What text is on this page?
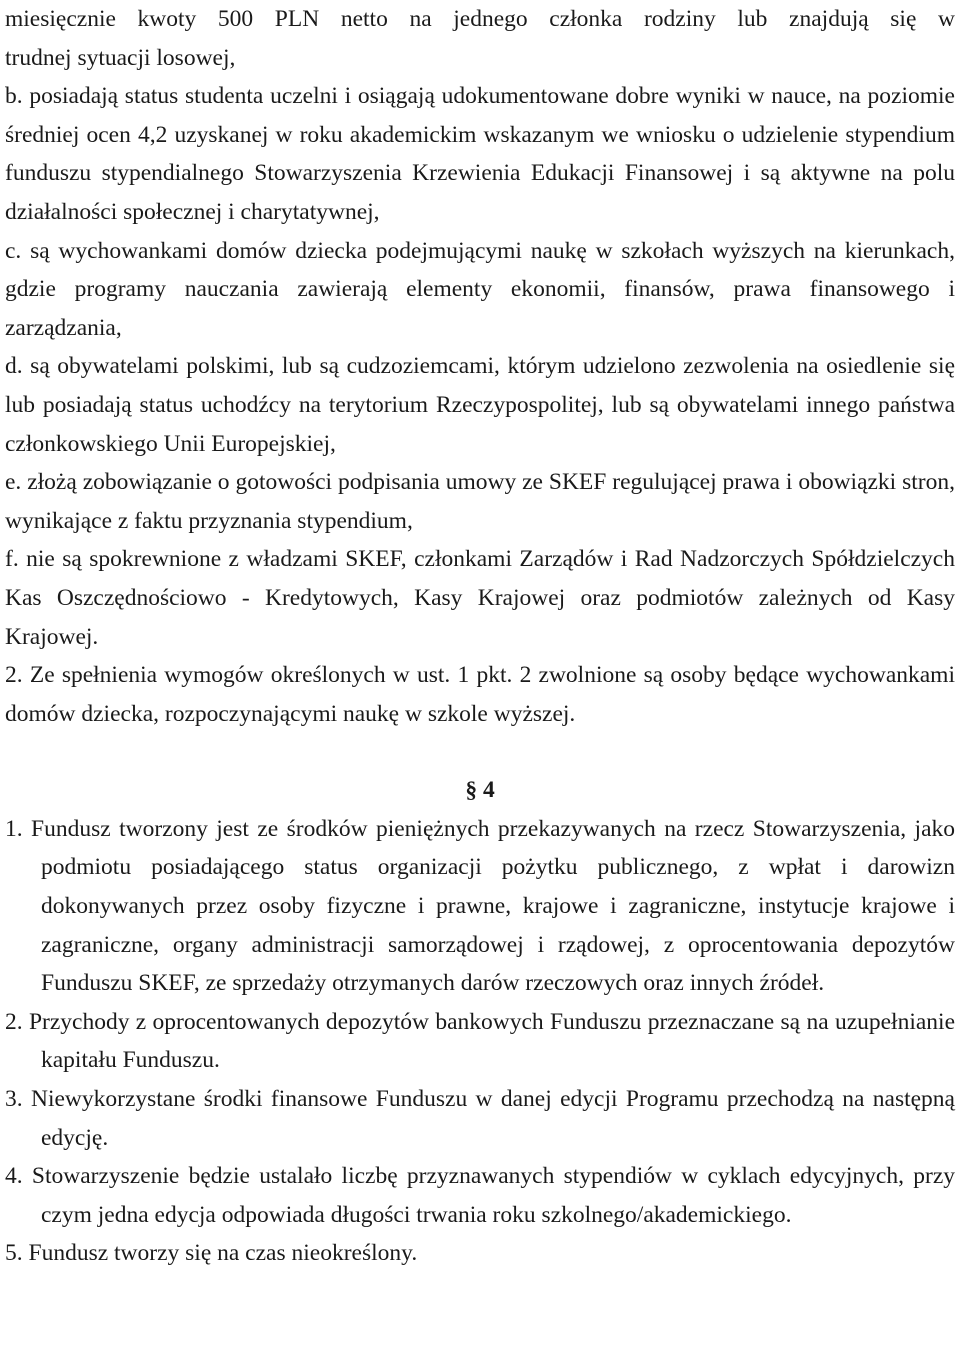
miesięcznie kwoty 500 PLN netto na jednego członka rodziny lub znajdują się w

trudnej sytuacji losowej,

b. posiadają status studenta uczelni i osiągają udokumentowane dobre wyniki w nauce, na poziomie średniej ocen 4,2 uzyskanej w roku akademickim wskazanym we wniosku o udzielenie stypendium funduszu stypendialnego Stowarzyszenia Krzewienia Edukacji Finansowej i są aktywne na polu działalności społecznej i charytatywnej,

c. są wychowankami domów dziecka podejmującymi naukę w szkołach wyższych na kierunkach, gdzie programy nauczania zawierają elementy ekonomii, finansów, prawa finansowego i zarządzania,

d. są obywatelami polskimi, lub są cudzoziemcami, którym udzielono zezwolenia na osiedlenie się lub posiadają status uchodźcy na terytorium Rzeczypospolitej, lub są obywatelami innego państwa członkowskiego Unii Europejskiej,

e. złożą zobowiązanie o gotowości podpisania umowy ze SKEF regulującej prawa i obowiązki stron, wynikające z faktu przyznania stypendium,

f. nie są spokrewnione z władzami SKEF, członkami Zarządów i Rad Nadzorczych Spółdzielczych Kas Oszczędnościowo - Kredytowych, Kasy Krajowej oraz podmiotów zależnych od Kasy Krajowej.

2. Ze spełnienia wymogów określonych w ust. 1 pkt. 2 zwolnione są osoby będące wychowankami domów dziecka, rozpoczynającymi naukę w szkole wyższej.

§ 4

1. Fundusz tworzony jest ze środków pieniężnych przekazywanych na rzecz Stowarzyszenia, jako podmiotu posiadającego status organizacji pożytku publicznego, z wpłat i darowizn dokonywanych przez osoby fizyczne i prawne, krajowe i zagraniczne, instytucje krajowe i zagraniczne, organy administracji samorządowej i rządowej, z oprocentowania depozytów Funduszu SKEF, ze sprzedaży otrzymanych darów rzeczowych oraz innych źródeł.

2. Przychody z oprocentowanych depozytów bankowych Funduszu przeznaczane są na uzupełnianie kapitału Funduszu.

3. Niewykorzystane środki finansowe Funduszu w danej edycji Programu przechodzą na następną edycję.

4. Stowarzyszenie będzie ustalało liczbę przyznawanych stypendiów w cyklach edycyjnych, przy czym jedna edycja odpowiada długości trwania roku szkolnego/akademickiego.

5. Fundusz tworzy się na czas nieokreślony.
